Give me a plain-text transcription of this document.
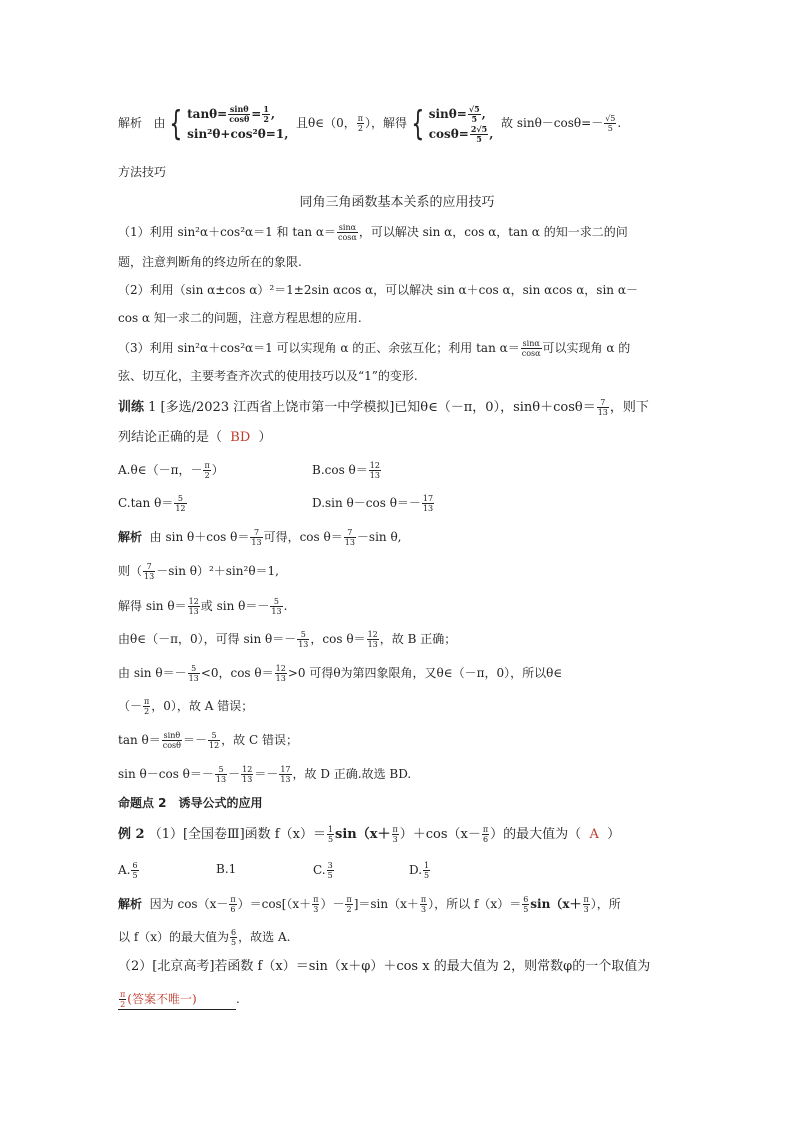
解析 由 { $\tan\theta= \frac{\sin\theta}{\cos\theta} = \frac{1}{2}$ ,
sin²θ+cos²θ=1,
且θ∈（0， $\frac{\pi}{2}$ ），解得 { $\sin\theta= \frac{√5}{5}$ ,
$\cos\theta= \frac{2√5}{5}$ ,
故 $\sin\theta-\cos\theta=- \frac{√5}{5}$ .
方法技巧
同角三角函数基本关系的应用技巧
（1）利用 sin²α＋cos²α＝1 和 $\tan \alpha= \frac{\sin\alpha}{\cos\alpha}$ ，可以解决 sin α，cos α，tan α 的知一求二的问
题，注意判断角的终边所在的象限.
（2）利用（sin α±cos α）²＝1±2sin αcos α，可以解决 sin α＋cos α，sin αcos α，sin α－
cos α 知一求二的问题，注意方程思想的应用.
（3）利用 sin²α＋cos²α＝1 可以实现角 α 的正、余弦互化；利用 $\tan \alpha= \frac{\sin\alpha}{\cos\alpha}$ 可以实现角 α 的
弦、切互化，主要考查齐次式的使用技巧以及“1”的变形.
训练 1 [多选/2023 江西省上饶市第一中学模拟]已知θ∈（－π，0），$\sin\theta+\cos\theta= \frac{7}{13}$ ，则下
列结论正确的是（ BD ）
A.θ∈（－π，－ $\frac{\pi}{2}$ ）	B.cos $\theta= \frac{12}{13}$
C.tan $\theta= \frac{5}{12}$	D.sin θ－cos $\theta=- \frac{17}{13}$
解析 由 sin θ＋cos $\theta= \frac{7}{13}$ 可得，$\cos \theta= \frac{7}{13} -\sin$ θ,
则（ $\frac{7}{13} -\sin$ θ）²＋sin²θ＝1,
解得 $\sin \theta= \frac{12}{13}$ 或 $\sin \theta=- \frac{5}{13}$ .
由θ∈（－π，0），可得 $\sin \theta=- \frac{5}{13}$ ，$\cos \theta= \frac{12}{13}$ ，故 B 正确；
由 $\sin \theta=- \frac{5}{13} <0$，$\cos \theta= \frac{12}{13} >0$ 可得θ为第四象限角，又θ∈（－π，0），所以θ∈
（－ $\frac{\pi}{2}$ ，0），故 A 错误；
$\tan \theta= \frac{\sin\theta}{\cos\theta} =- \frac{5}{12}$ ，故 C 错误；
sin θ－cos $\theta=- \frac{5}{13} - \frac{12}{13} =- \frac{17}{13}$ ，故 D 正确.故选 BD.
命题点 2　诱导公式的应用
例 2 （1）[全国卷Ⅲ]函数 $f(x)= \frac{1}{5} \sin(x+ \frac{\pi}{3} )+\cos(x- \frac{\pi}{6}$ ）的最大值为（ A ）
A. $\frac{6}{5}$	B.1	C. $\frac{3}{5}$	D. $\frac{1}{5}$
解析 因为 $\cos(x- \frac{\pi}{6} )=\cos[(x+ \frac{\pi}{3}$ ）－ $\frac{\pi}{2} ]=\sin(x+ \frac{\pi}{3}$ ），所以 $f(x)= \frac{6}{5} \sin(x+ \frac{\pi}{3}$ ），所
以 f（x）的最大值为 $\frac{6}{5}$ ，故选 A.
（2）[北京高考]若函数 f（x）＝sin（x＋φ）＋cos x 的最大值为 2，则常数φ的一个取值为
$\frac{\pi}{2}$ (答案不唯一)	.
